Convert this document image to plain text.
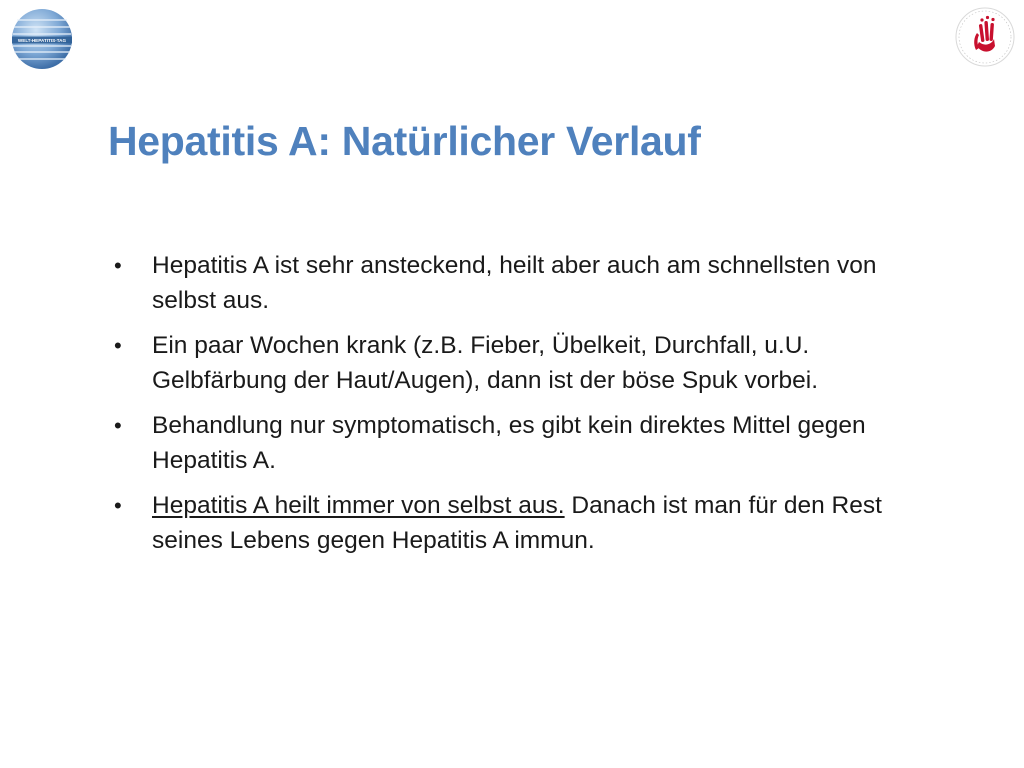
WELT-HEPATITIS-TAG
Hepatitis A: Natürlicher Verlauf
• Hepatitis A ist sehr ansteckend, heilt aber auch am schnellsten von selbst aus.
• Ein paar Wochen krank (z.B. Fieber, Übelkeit, Durchfall, u.U. Gelbfärbung der Haut/Augen), dann ist der böse Spuk vorbei.
• Behandlung nur symptomatisch, es gibt kein direktes Mittel gegen Hepatitis A.
• Hepatitis A heilt immer von selbst aus. Danach ist man für den Rest seines Lebens gegen Hepatitis A immun.
